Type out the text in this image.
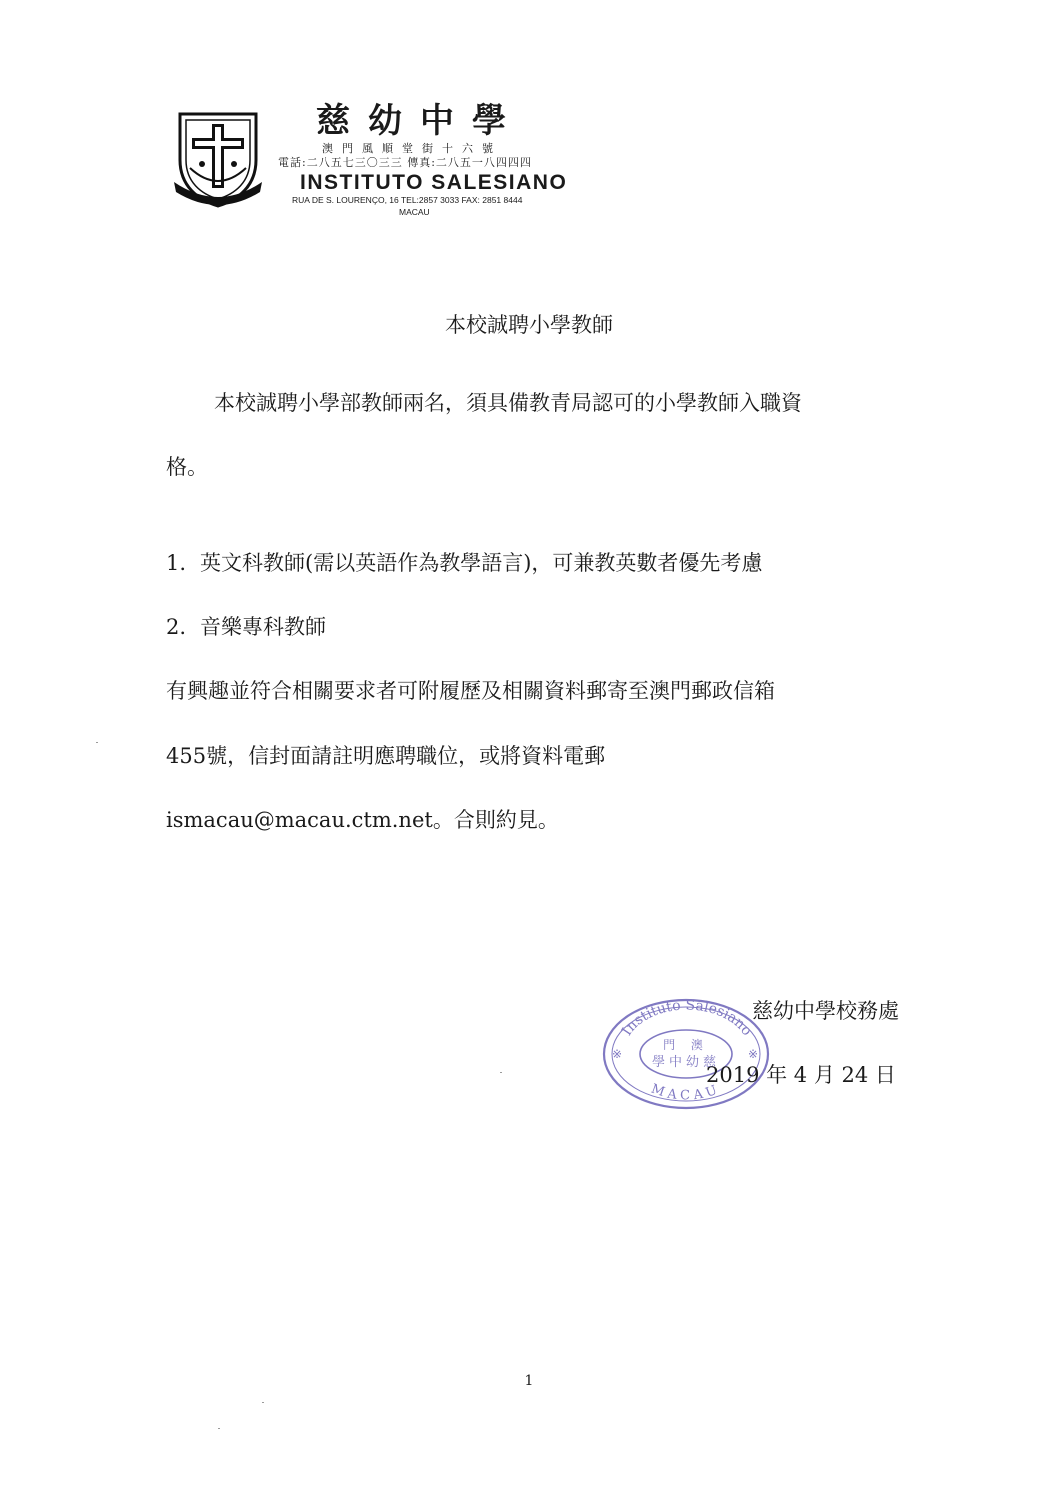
慈幼中學
澳門風順堂街十六號
電話:二八五七三〇三三 傳真:二八五一八四四四
INSTITUTO SALESIANO
RUA DE S. LOURENÇO, 16 TEL:2857 3033 FAX: 2851 8444
MACAU
本校誠聘小學教師
本校誠聘小學部教師兩名，須具備教青局認可的小學教師入職資
格。
1. 英文科教師(需以英語作為教學語言)，可兼教英數者優先考慮
2. 音樂專科教師
有興趣並符合相關要求者可附履歷及相關資料郵寄至澳門郵政信箱
455號，信封面請註明應聘職位，或將資料電郵
ismacau@macau.ctm.net。合則約見。
Instituto Salesiano
MACAU
門 澳
學中幼慈
※	※
慈幼中學校務處
2019 年 4 月 24 日
1
